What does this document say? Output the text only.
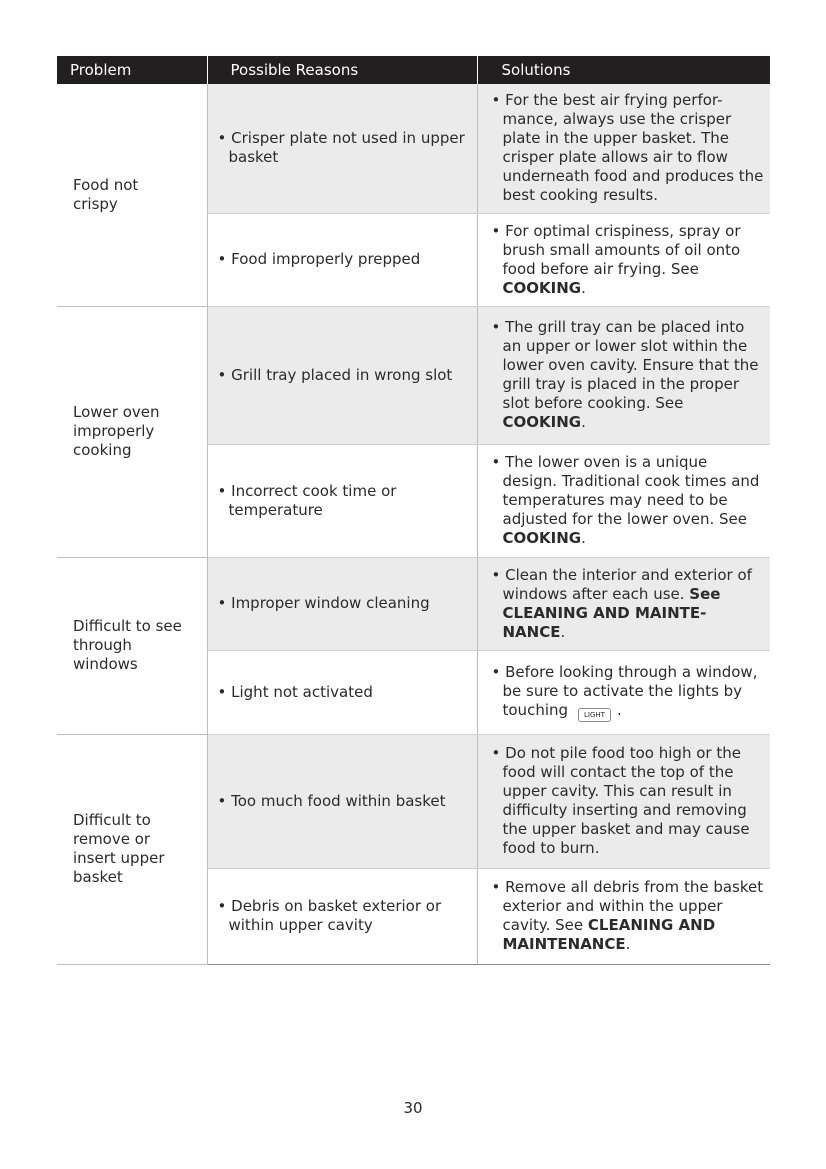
Problem	Possible Reasons	Solutions

Food not crispy	• Crisper plate not used in upper basket	• For the best air frying perfor-mance, always use the crisper plate in the upper basket. The crisper plate allows air to flow underneath food and produces the best cooking results.

	• Food improperly prepped	• For optimal crispiness, spray or brush small amounts of oil onto food before air frying. See COOKING.

Lower oven improperly cooking	• Grill tray placed in wrong slot	• The grill tray can be placed into an upper or lower slot within the lower oven cavity. Ensure that the grill tray is placed in the proper slot before cooking. See COOKING.

	• Incorrect cook time or temperature	• The lower oven is a unique design. Traditional cook times and temperatures may need to be adjusted for the lower oven. See COOKING.

Difficult to see through windows	• Improper window cleaning	• Clean the interior and exterior of windows after each use. See CLEANING AND MAINTE-NANCE.

	• Light not activated	• Before looking through a window, be sure to activate the lights by touching LIGHT .

Difficult to remove or insert upper basket	• Too much food within basket	• Do not pile food too high or the food will contact the top of the upper cavity. This can result in difficulty inserting and removing the upper basket and may cause food to burn.

	• Debris on basket exterior or within upper cavity	• Remove all debris from the basket exterior and within the upper cavity. See CLEANING AND MAINTENANCE.
30
